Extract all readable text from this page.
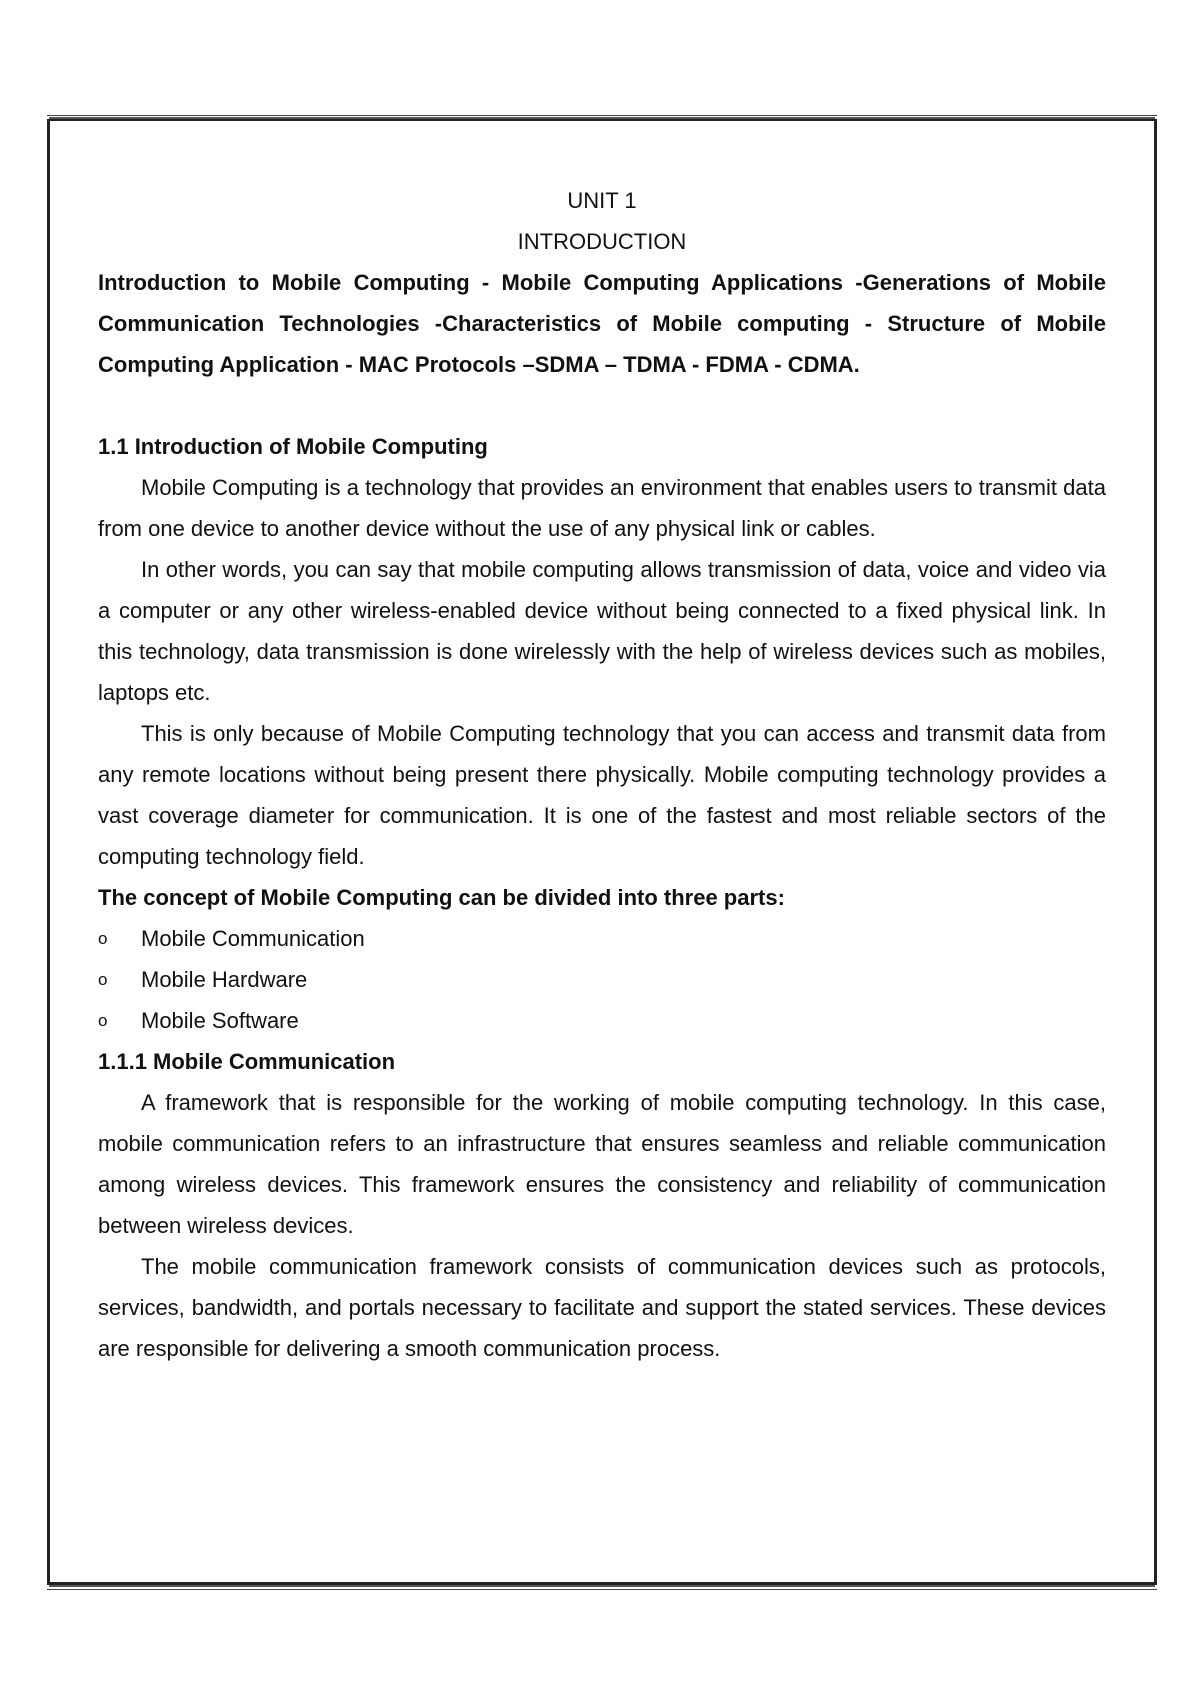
UNIT 1

INTRODUCTION

Introduction to Mobile Computing - Mobile Computing Applications -Generations of Mobile Communication Technologies -Characteristics of Mobile computing - Structure of Mobile Computing Application - MAC Protocols –SDMA – TDMA - FDMA - CDMA.

1.1 Introduction of Mobile Computing

Mobile Computing is a technology that provides an environment that enables users to transmit data from one device to another device without the use of any physical link or cables.

In other words, you can say that mobile computing allows transmission of data, voice and video via a computer or any other wireless-enabled device without being connected to a fixed physical link. In this technology, data transmission is done wirelessly with the help of wireless devices such as mobiles, laptops etc.

This is only because of Mobile Computing technology that you can access and transmit data from any remote locations without being present there physically. Mobile computing technology provides a vast coverage diameter for communication. It is one of the fastest and most reliable sectors of the computing technology field.

The concept of Mobile Computing can be divided into three parts:

o Mobile Communication
o Mobile Hardware
o Mobile Software

1.1.1 Mobile Communication

A framework that is responsible for the working of mobile computing technology. In this case, mobile communication refers to an infrastructure that ensures seamless and reliable communication among wireless devices. This framework ensures the consistency and reliability of communication between wireless devices.

The mobile communication framework consists of communication devices such as protocols, services, bandwidth, and portals necessary to facilitate and support the stated services. These devices are responsible for delivering a smooth communication process.
